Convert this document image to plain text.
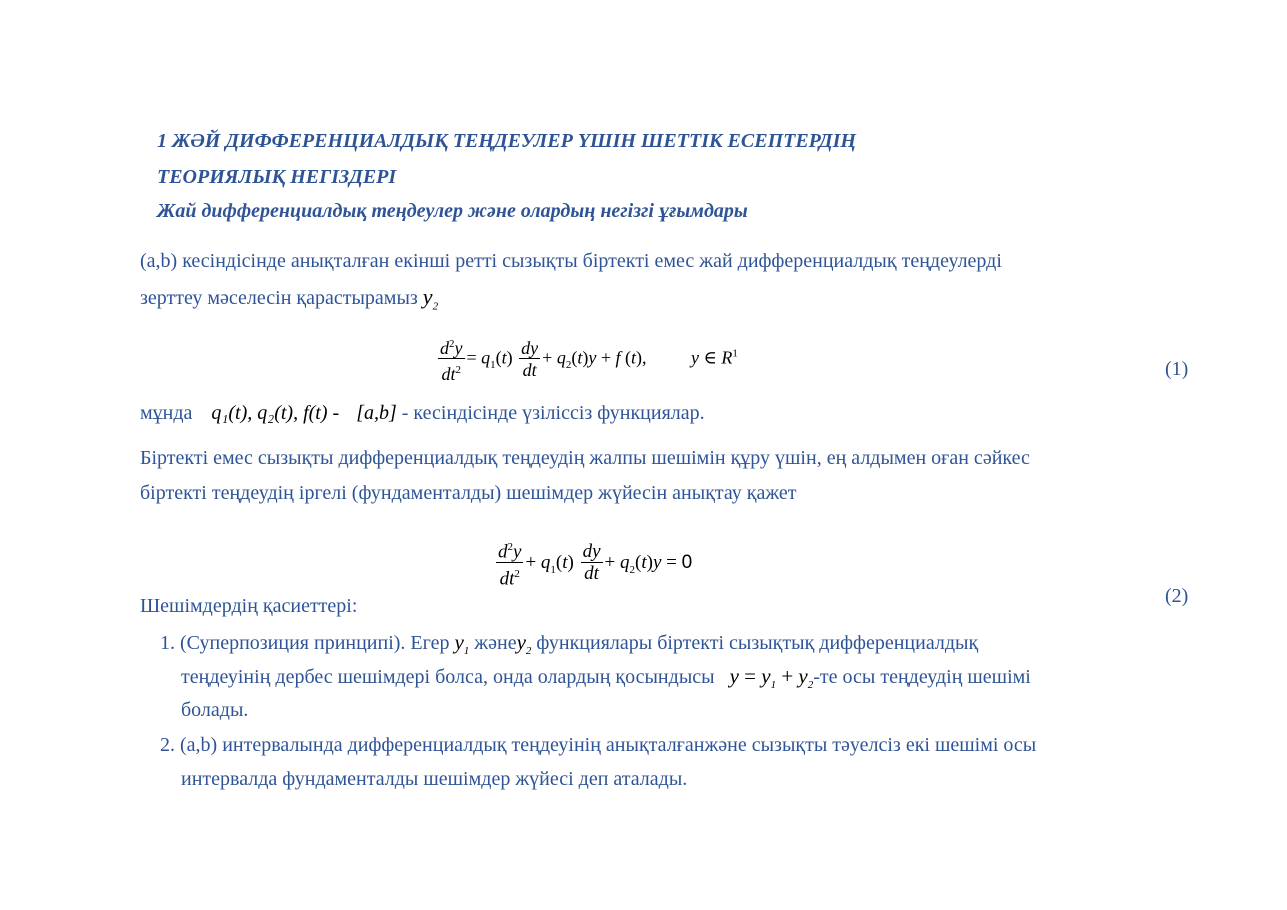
1 ЖӘЙ ДИФФЕРЕНЦИАЛДЫҚ ТЕҢДЕУЛЕР ҮШІН ШЕТТІК ЕСЕПТЕРДІҢ
ТЕОРИЯЛЫҚ НЕГІЗДЕРІ
Жай дифференциалдық теңдеулер және олардың негізгі ұғымдары
(a,b) кесіндісінде анықталған екінші ретті сызықты біртекті емес жай дифференциалдық теңдеулерді
зерттеу мәселесін қарастырамыз $y_2$
$\frac{d^2y}{dt^2} = q_1(t) \frac{dy}{dt} + q_2(t)y + f$ (t), y ∈ $R^1$
(1)
мұнда q₁(t), q₂(t), f(t) - [a,b] - кесіндісінде үзіліссіз функциялар.
Біртекті емес сызықты дифференциалдық теңдеудің жалпы шешімін құру үшін, ең алдымен оған сәйкес
біртекті теңдеудің іргелі (фундаменталды) шешімдер жүйесін анықтау қажет
$\frac{d^2y}{dt^2} + q_1(t) \frac{dy}{dt} + q_2(t)y = 0$
(2)
Шешімдердің қасиеттері:
1. (Суперпозиция принципі). Егер $y_1$ жәнеy$_2$ функциялары біртекті сызықтық дифференциалдық
теңдеуінің дербес шешімдері болса, онда олардың қосындысы $y = y_1 + y_2-те$ осы теңдеудің шешімі
болады.
2. (a,b) интервалында дифференциалдық теңдеуінің анықталғанжәне сызықты тәуелсіз екі шешімі осы
интервалда фундаменталды шешімдер жүйесі деп аталады.
